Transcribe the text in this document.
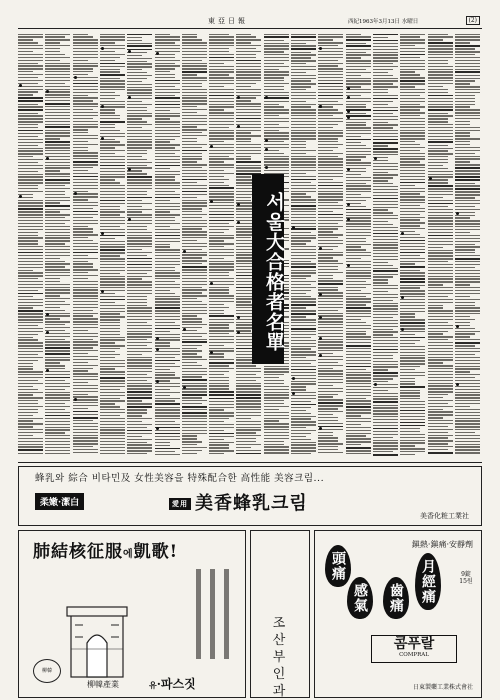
東亞日報	西紀1963年3月13日 水曜日	(2)
서울大合格者名單
蜂乳와 綜合 비타민及 女性美容을 特殊配合한 高性能 美容크림...
柔嫩·潔白	愛用 美香蜂乳크림
美香化粧工業社
肺結核征服에凱歌!
柳韓
柳韓產業	유·파스짓
조산부인과
鎭熱·鎭痛·安靜劑
頭痛
感氣	齒痛	月經痛	9錠 15원
콤푸랄
COMPRAL
日東製藥工業株式會社
